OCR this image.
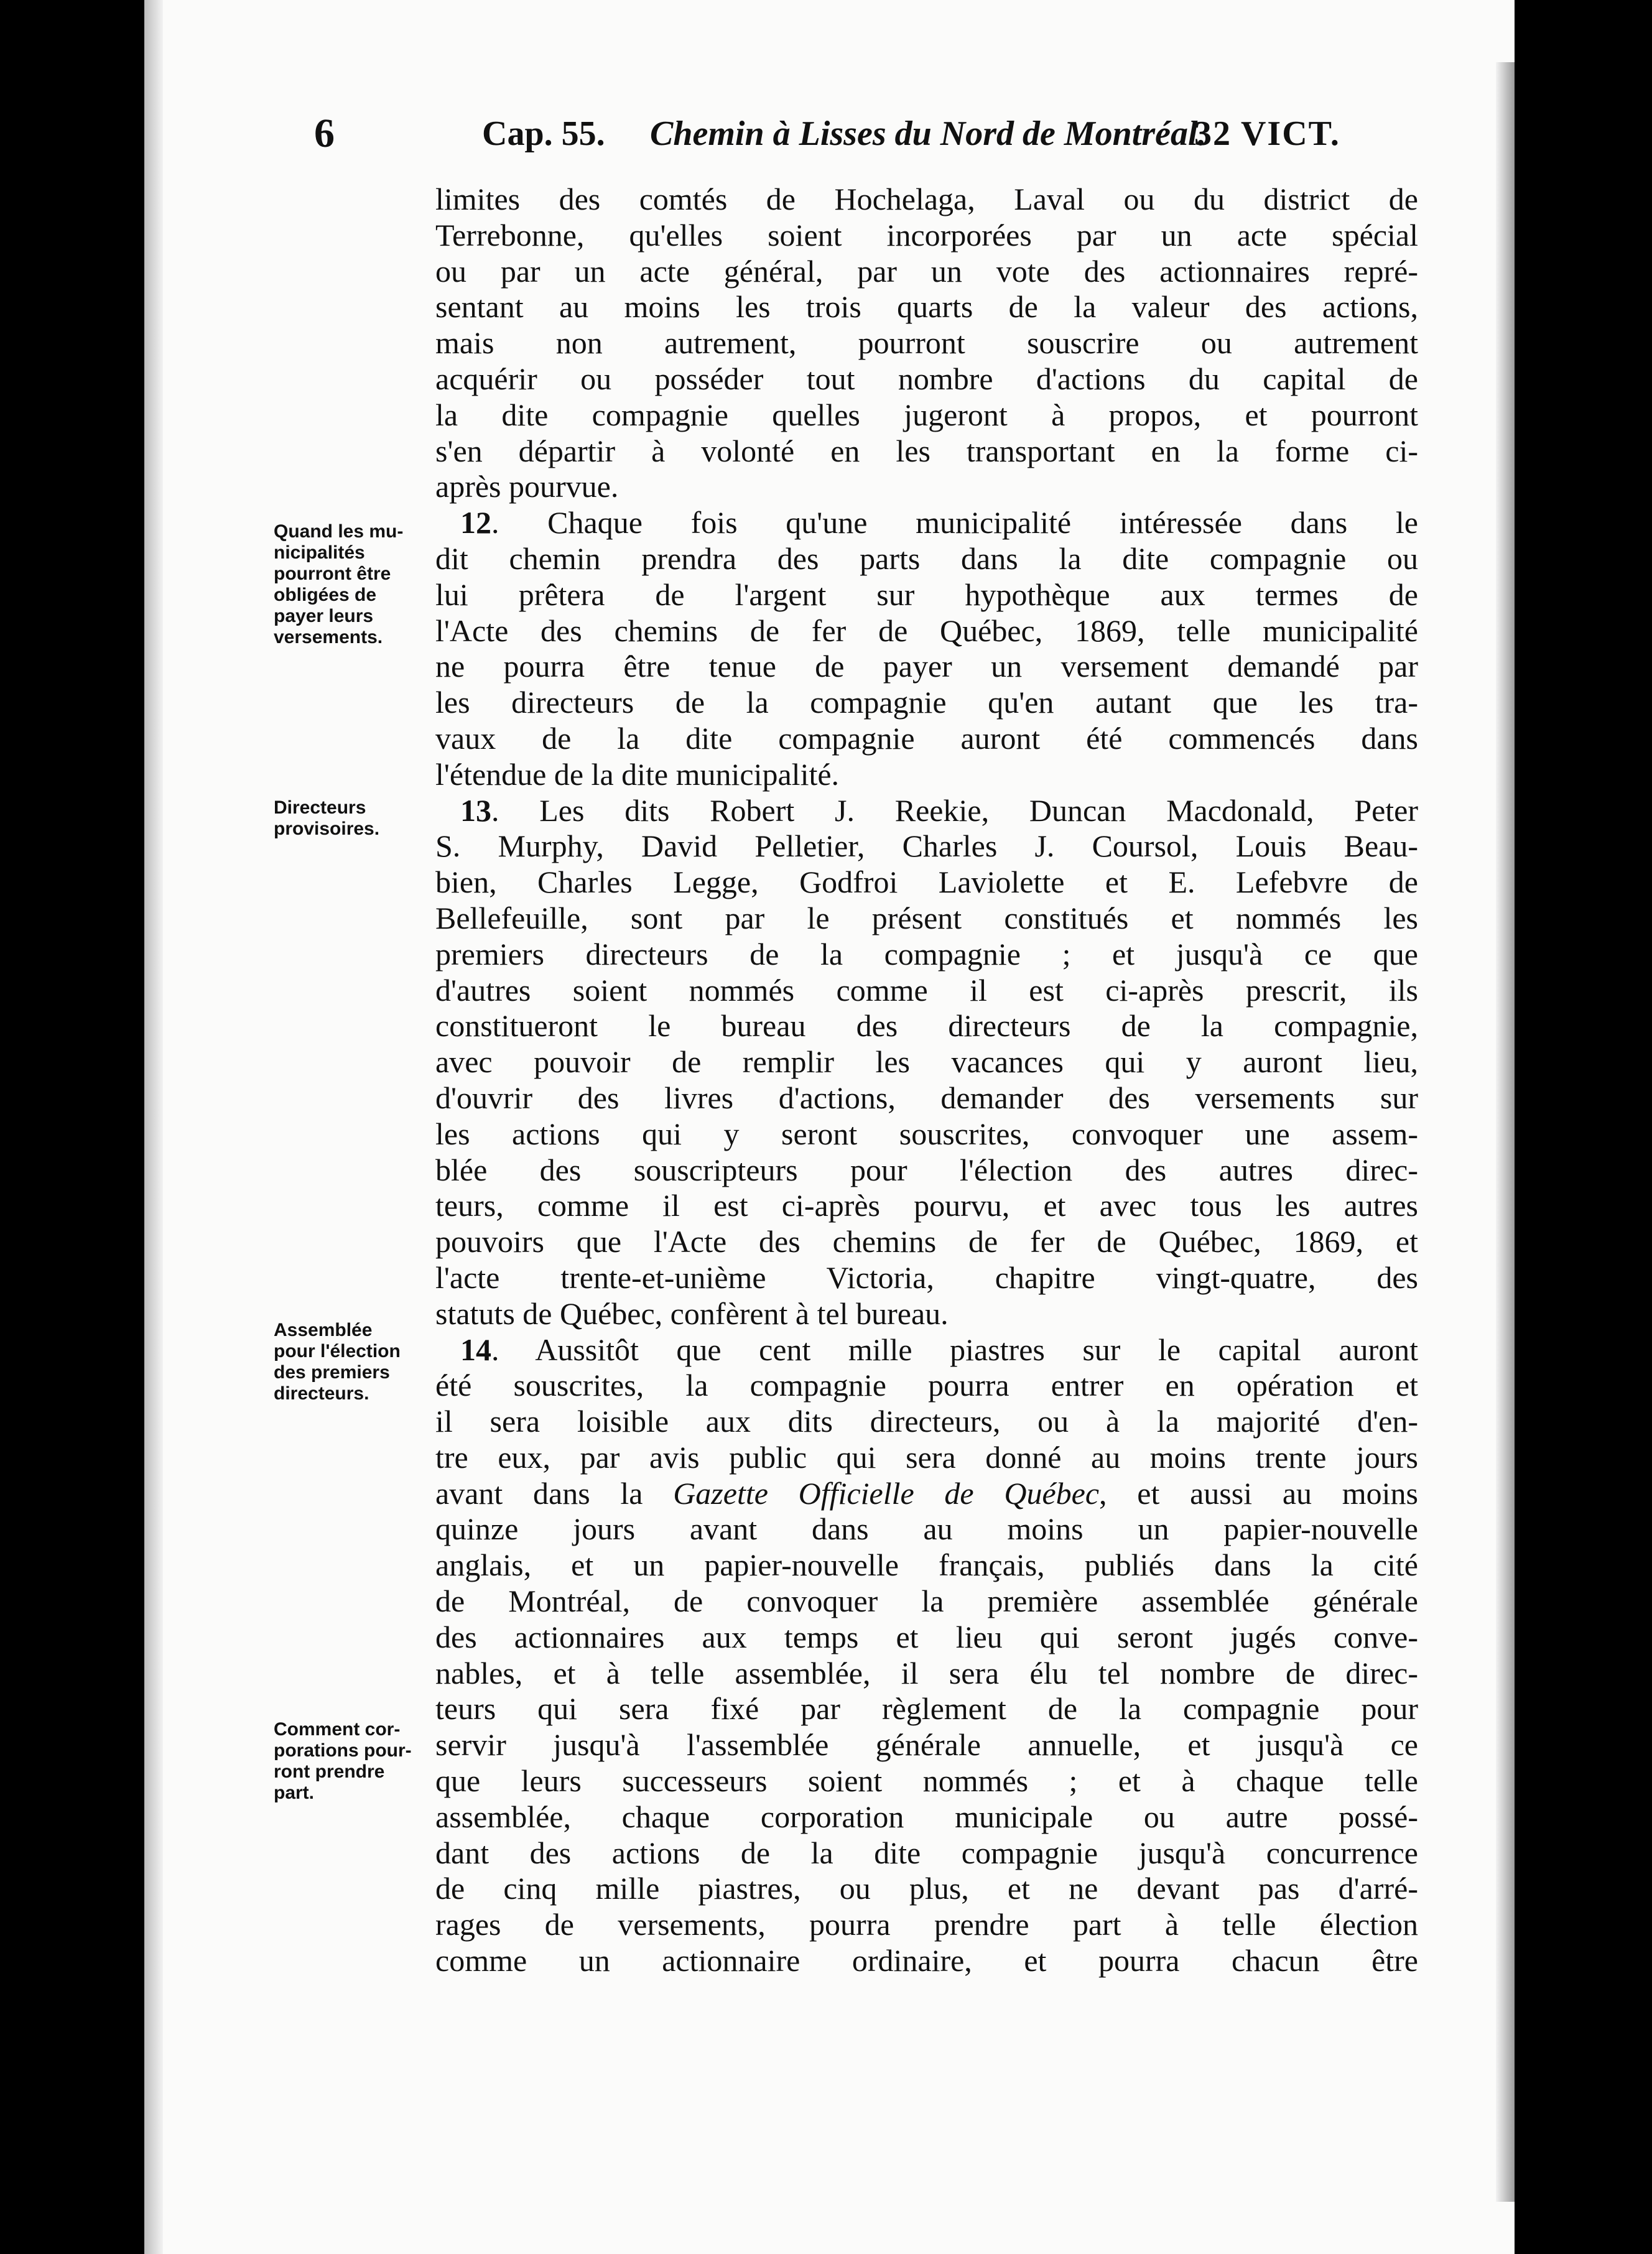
6	Cap. 55. Chemin à Lisses du Nord de Montréal.
32 VICT.
Quand les mu-
nicipalités
pourront être
obligées de
payer leurs
versements.
Directeurs
provisoires.
Assemblée
pour l'élection
des premiers
directeurs.
Comment cor-
porations pour-
ront prendre
part.
limites des comtés de Hochelaga, Laval ou du district de
Terrebonne, qu'elles soient incorporées par un acte spécial
ou par un acte général, par un vote des actionnaires repré-
sentant au moins les trois quarts de la valeur des actions,
mais non autrement, pourront souscrire ou autrement
acquérir ou posséder tout nombre d'actions du capital de
la dite compagnie quelles jugeront à propos, et pourront
s'en départir à volonté en les transportant en la forme ci-
après pourvue.
12. Chaque fois qu'une municipalité intéressée dans le
dit chemin prendra des parts dans la dite compagnie ou
lui prêtera de l'argent sur hypothèque aux termes de
l'Acte des chemins de fer de Québec, 1869, telle municipalité
ne pourra être tenue de payer un versement demandé par
les directeurs de la compagnie qu'en autant que les tra-
vaux de la dite compagnie auront été commencés dans
l'étendue de la dite municipalité.
13. Les dits Robert J. Reekie, Duncan Macdonald, Peter
S. Murphy, David Pelletier, Charles J. Coursol, Louis Beau-
bien, Charles Legge, Godfroi Laviolette et E. Lefebvre de
Bellefeuille, sont par le présent constitués et nommés les
premiers directeurs de la compagnie ; et jusqu'à ce que
d'autres soient nommés comme il est ci-après prescrit, ils
constitueront le bureau des directeurs de la compagnie,
avec pouvoir de remplir les vacances qui y auront lieu,
d'ouvrir des livres d'actions, demander des versements sur
les actions qui y seront souscrites, convoquer une assem-
blée des souscripteurs pour l'élection des autres direc-
teurs, comme il est ci-après pourvu, et avec tous les autres
pouvoirs que l'Acte des chemins de fer de Québec, 1869, et
l'acte trente-et-unième Victoria, chapitre vingt-quatre, des
statuts de Québec, confèrent à tel bureau.
14. Aussitôt que cent mille piastres sur le capital auront
été souscrites, la compagnie pourra entrer en opération et
il sera loisible aux dits directeurs, ou à la majorité d'en-
tre eux, par avis public qui sera donné au moins trente jours
avant dans la Gazette Officielle de Québec, et aussi au moins
quinze jours avant dans au moins un papier-nouvelle
anglais, et un papier-nouvelle français, publiés dans la cité
de Montréal, de convoquer la première assemblée générale
des actionnaires aux temps et lieu qui seront jugés conve-
nables, et à telle assemblée, il sera élu tel nombre de direc-
teurs qui sera fixé par règlement de la compagnie pour
servir jusqu'à l'assemblée générale annuelle, et jusqu'à ce
que leurs successeurs soient nommés ; et à chaque telle
assemblée, chaque corporation municipale ou autre possé-
dant des actions de la dite compagnie jusqu'à concurrence
de cinq mille piastres, ou plus, et ne devant pas d'arré-
rages de versements, pourra prendre part à telle élection
comme un actionnaire ordinaire, et pourra chacun être
